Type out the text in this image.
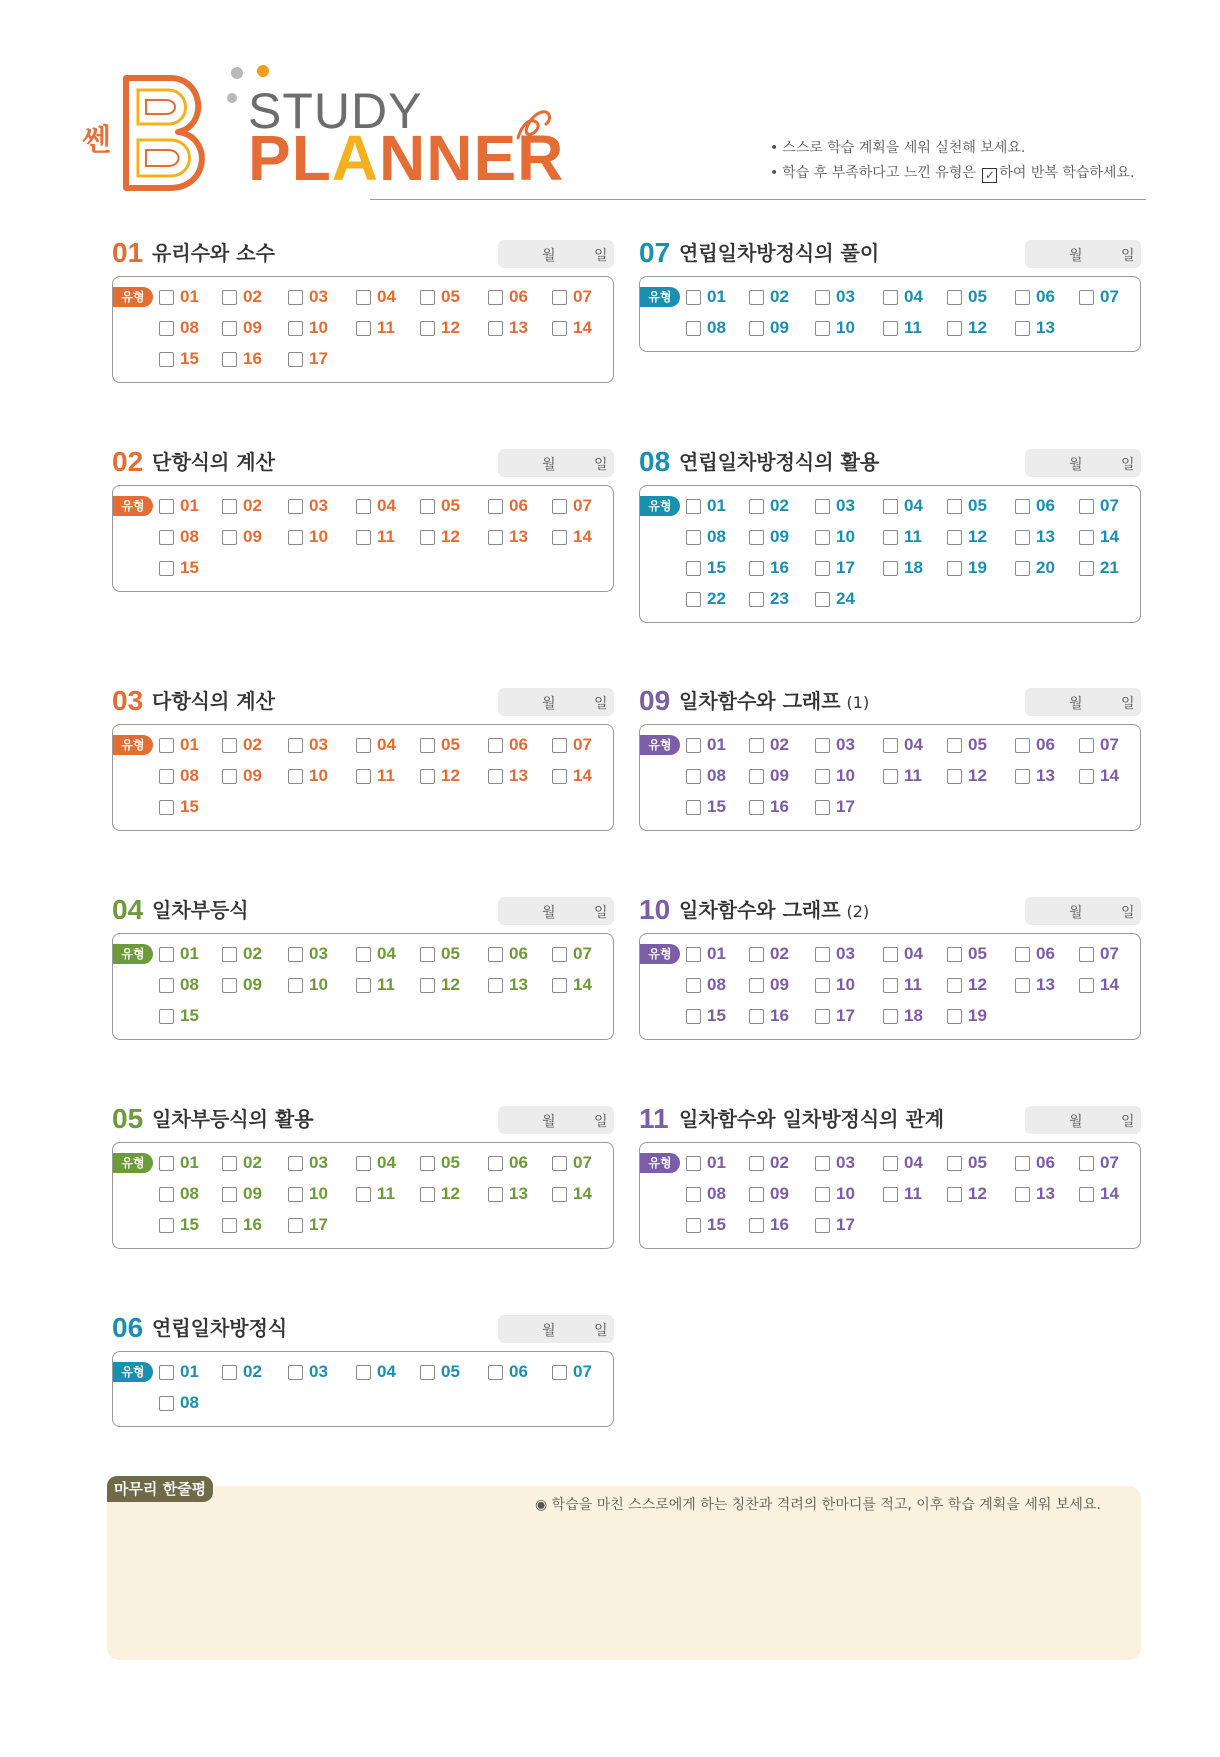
쎈
STUDY
PLANNER	• 스스로 학습 계획을 세워 실천해 보세요.
• 학습 후 부족하다고 느낀 유형은 ✓ 하여 반복 학습하세요.
01 유리수와 소수	월	일
유형	01	02	03	04	05	06	07
08	09	10	11	12	13	14
15	16	17
02 단항식의 계산	월	일
유형	01	02	03	04	05	06	07
08	09	10	11	12	13	14
15
03 다항식의 계산	월	일
유형	01	02	03	04	05	06	07
08	09	10	11	12	13	14
15
04 일차부등식	월	일
유형	01	02	03	04	05	06	07
08	09	10	11	12	13	14
15
05 일차부등식의 활용	월	일
유형	01	02	03	04	05	06	07
08	09	10	11	12	13	14
15	16	17
06 연립일차방정식	월	일
유형	01	02	03	04	05	06	07
08
07 연립일차방정식의 풀이	월	일
유형	01	02	03	04	05	06	07
08	09	10	11	12	13
08 연립일차방정식의 활용	월	일
유형	01	02	03	04	05	06	07
08	09	10	11	12	13	14
15	16	17	18	19	20	21
22	23	24
09 일차함수와 그래프 (1)	월	일
유형	01	02	03	04	05	06	07
08	09	10	11	12	13	14
15	16	17
10 일차함수와 그래프 (2)	월	일
유형	01	02	03	04	05	06	07
08	09	10	11	12	13	14
15	16	17	18	19
11 일차함수와 일차방정식의 관계	월	일
유형	01	02	03	04	05	06	07
08	09	10	11	12	13	14
15	16	17
마무리 한줄평
◉ 학습을 마친 스스로에게 하는 칭찬과 격려의 한마디를 적고, 이후 학습 계획을 세워 보세요.
